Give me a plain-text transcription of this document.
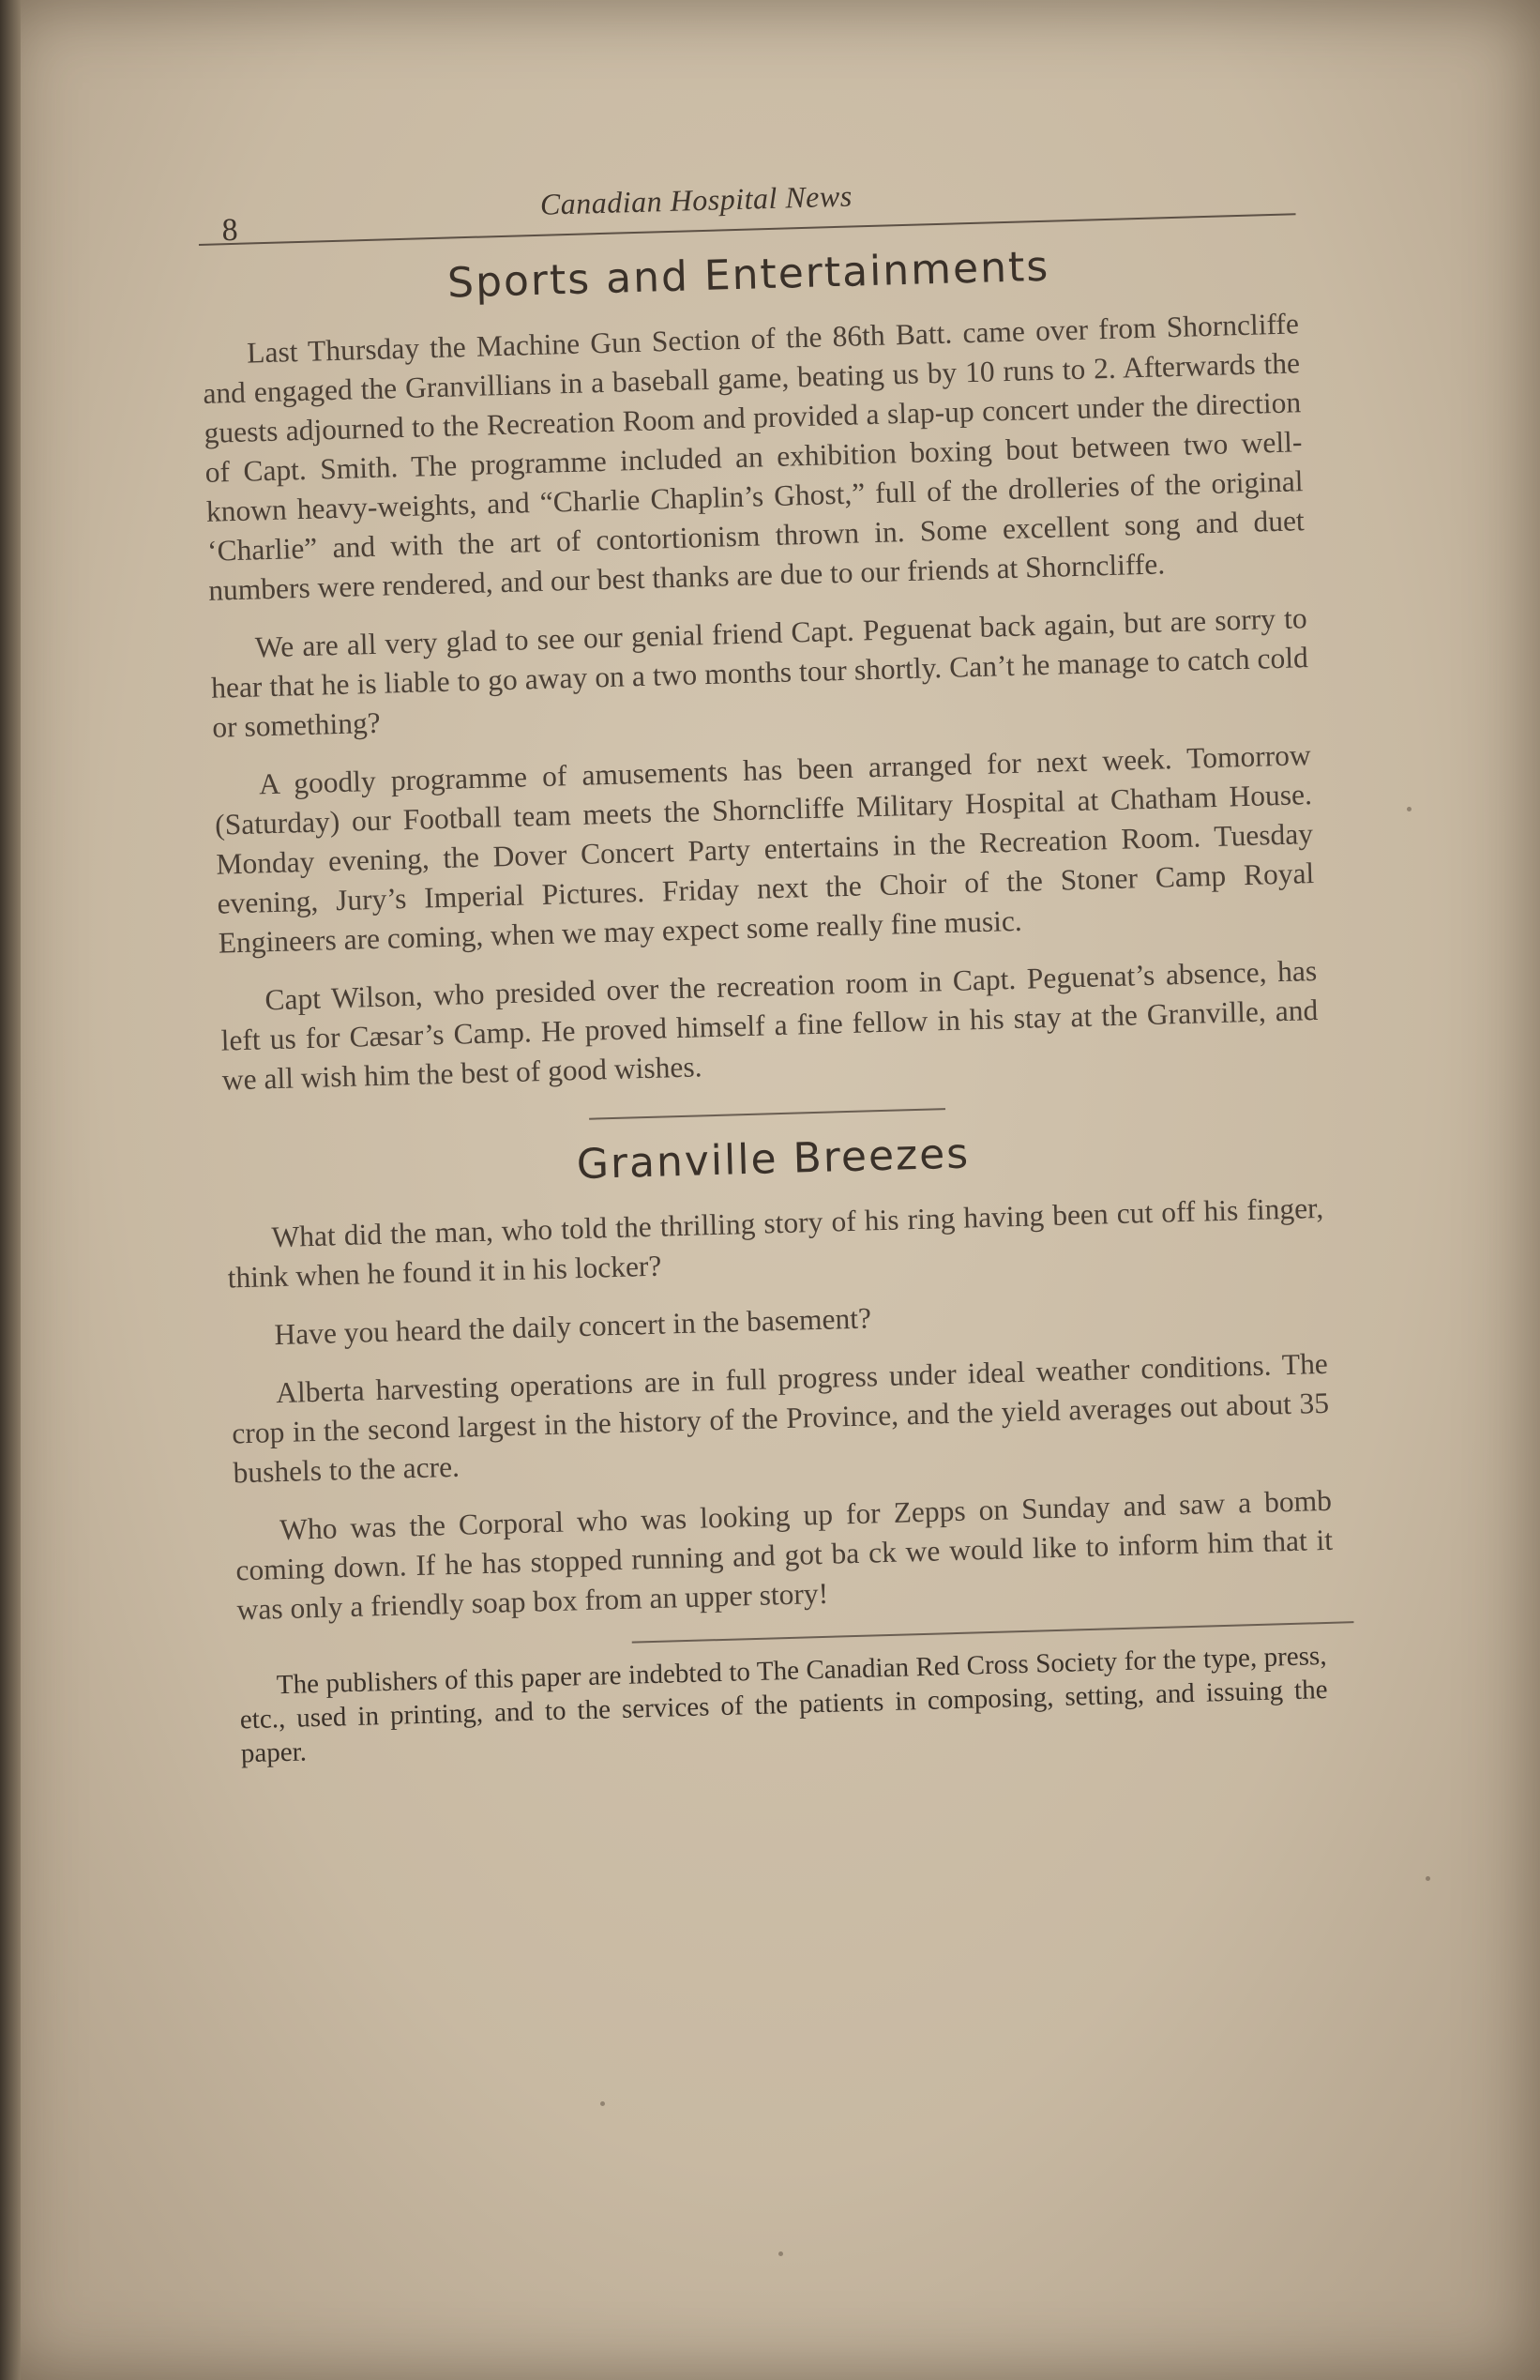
8
Canadian Hospital News
Sports and Entertainments

Last Thursday the Machine Gun Section of the 86th Batt. came over from Shorncliffe and engaged the Granvillians in a baseball game, beating us by 10 runs to 2. Afterwards the guests adjourned to the Recreation Room and provided a slap-up concert under the direction of Capt. Smith. The programme included an exhibition boxing bout between two well-known heavy-weights, and “Charlie Chaplin’s Ghost,” full of the drolleries of the original ‘Charlie” and with the art of contortionism thrown in. Some excellent song and duet numbers were rendered, and our best thanks are due to our friends at Shorncliffe.

We are all very glad to see our genial friend Capt. Peguenat back again, but are sorry to hear that he is liable to go away on a two months tour shortly. Can’t he manage to catch cold or something?

A goodly programme of amusements has been arranged for next week. Tomorrow (Saturday) our Football team meets the Shorncliffe Military Hospital at Chatham House. Monday evening, the Dover Concert Party entertains in the Recreation Room. Tuesday evening, Jury’s Imperial Pictures. Friday next the Choir of the Stoner Camp Royal Engineers are coming, when we may expect some really fine music.

Capt Wilson, who presided over the recreation room in Capt. Peguenat’s absence, has left us for Cæsar’s Camp. He proved himself a fine fellow in his stay at the Granville, and we all wish him the best of good wishes.

Granville Breezes

What did the man, who told the thrilling story of his ring having been cut off his finger, think when he found it in his locker?

Have you heard the daily concert in the basement?

Alberta harvesting operations are in full progress under ideal weather conditions. The crop in the second largest in the history of the Province, and the yield averages out about 35 bushels to the acre.

Who was the Corporal who was looking up for Zepps on Sunday and saw a bomb coming down. If he has stopped running and got ba ck we would like to inform him that it was only a friendly soap box from an upper story!

The publishers of this paper are indebted to The Canadian Red Cross Society for the type, press, etc., used in printing, and to the services of the patients in composing, setting, and issuing the paper.
